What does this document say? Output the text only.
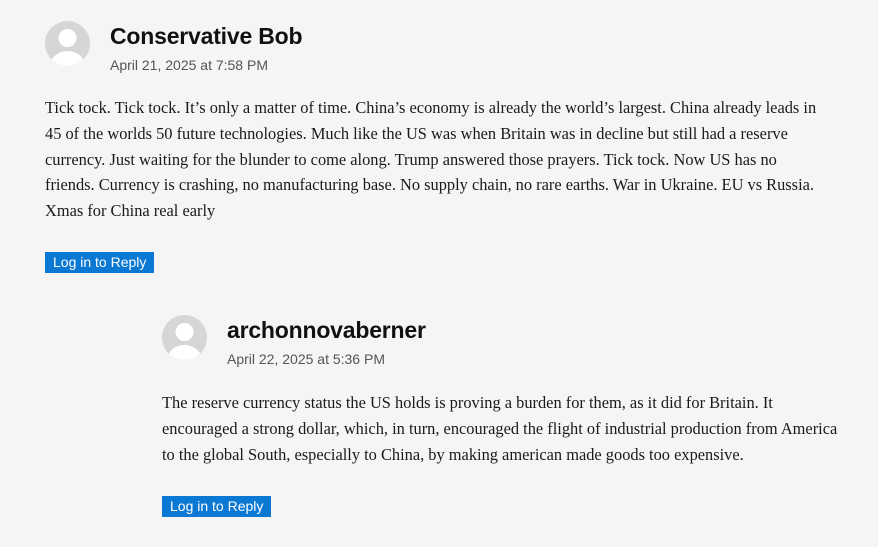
Conservative Bob
April 21, 2025 at 7:58 PM

Tick tock. Tick tock. It’s only a matter of time. China’s economy is already the world’s largest. China already leads in 45 of the worlds 50 future technologies. Much like the US was when Britain was in decline but still had a reserve currency. Just waiting for the blunder to come along. Trump answered those prayers. Tick tock. Now US has no friends. Currency is crashing, no manufacturing base. No supply chain, no rare earths. War in Ukraine. EU vs Russia. Xmas for China real early

Log in to Reply
archonnovaberner
April 22, 2025 at 5:36 PM

The reserve currency status the US holds is proving a burden for them, as it did for Britain. It encouraged a strong dollar, which, in turn, encouraged the flight of industrial production from America to the global South, especially to China, by making american made goods too expensive.

Log in to Reply
